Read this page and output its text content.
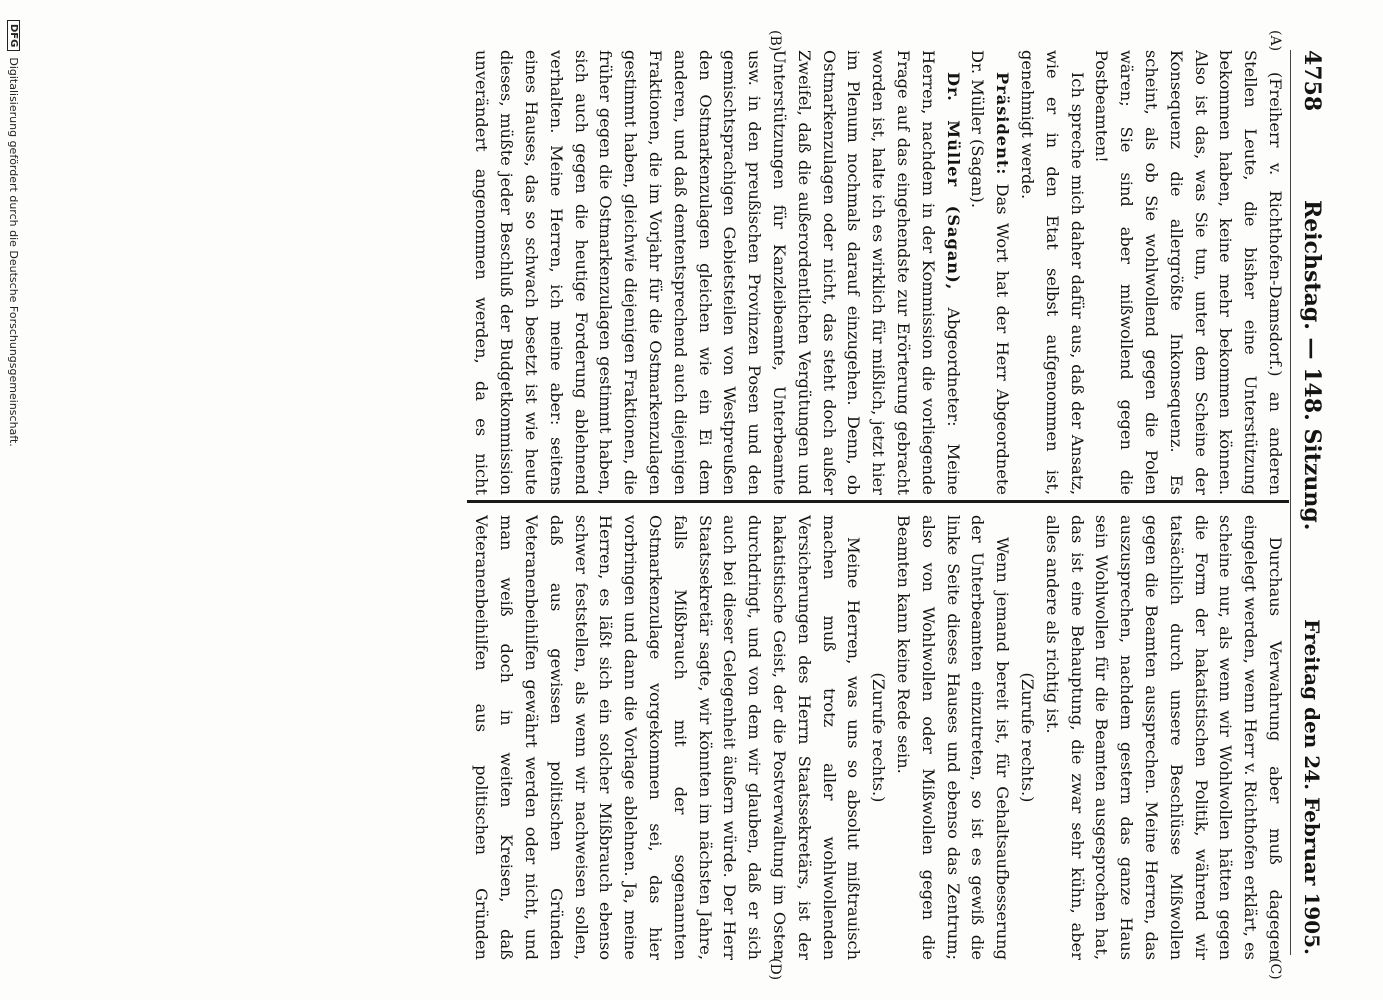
4758
Reichstag. — 148. Sitzung.
Freitag den 24. Februar 1905.
(A)
(B)
(C)
(D)

(Freiherr v. Richthofen-Damsdorf.) an anderen Stellen Leute, die bisher eine Unterstützung bekommen haben, keine mehr bekommen können. Also ist das, was Sie tun, unter dem Scheine der Konsequenz die allergrößte Inkonsequenz. Es scheint, als ob Sie wohlwollend gegen die Polen wären; Sie sind aber mißwollend gegen die Postbeamten!

Ich spreche mich daher dafür aus, daß der Ansatz, wie er in den Etat selbst aufgenommen ist, genehmigt werde.

Präsident: Das Wort hat der Herr Abgeordnete Dr. Müller (Sagan).

Dr. Müller (Sagan), Abgeordneter: Meine Herren, nachdem in der Kommission die vorliegende Frage auf das eingehendste zur Erörterung gebracht worden ist, halte ich es wirklich für mißlich, jetzt hier im Plenum nochmals darauf einzugehen. Denn, ob Ostmarkenzulagen oder nicht, das steht doch außer Zweifel, daß die außerordentlichen Vergütungen und Unterstützungen für Kanzleibeamte, Unterbeamte usw. in den preußischen Provinzen Posen und den gemischtsprachigen Gebietsteilen von Westpreußen den Ostmarkenzulagen gleichen wie ein Ei dem anderen, und daß demtentsprechend auch diejenigen Fraktionen, die im Vorjahr für die Ostmarkenzulagen gestimmt haben, gleichwie diejenigen Fraktionen, die früher gegen die Ostmarkenzulagen gestimmt haben, sich auch gegen die heutige Forderung ablehnend verhalten. Meine Herren, ich meine aber: seitens eines Hauses, das so schwach besetzt ist wie heute dieses, müßte jeder Beschluß der Budgetkommission unverändert angenommen werden, da es nicht

Durchaus Verwahrung aber muß dagegen eingelegt werden, wenn Herr v. Richthofen erklärt, es scheine nur, als wenn wir Wohlwollen hätten gegen die Form der hakatistischen Politik, während wir tatsächlich durch unsere Beschlüsse Mißwollen gegen die Beamten aussprechen. Meine Herren, das auszusprechen, nachdem gestern das ganze Haus sein Wohlwollen für die Beamten ausgesprochen hat, das ist eine Behauptung, die zwar sehr kühn, aber alles andere als richtig ist.

(Zurufe rechts.)

Wenn jemand bereit ist, für Gehaltsaufbesserung der Unterbeamten einzutreten, so ist es gewiß die linke Seite dieses Hauses und ebenso das Zentrum; also von Wohlwollen oder Mißwollen gegen die Beamten kann keine Rede sein.

(Zurufe rechts.)

Meine Herren, was uns so absolut mißtrauisch machen muß trotz aller wohlwollenden Versicherungen des Herrn Staatssekretärs, ist der hakatistische Geist, der die Postverwaltung im Osten durchdringt, und von dem wir glauben, daß er sich auch bei dieser Gelegenheit äußern würde. Der Herr Staatssekretär sagte, wir könnten im nächsten Jahre, falls Mißbrauch mit der sogenannten Ostmarkenzulage vorgekommen sei, das hier vorbringen und dann die Vorlage ablehnen. Ja, meine Herren, es läßt sich ein solcher Mißbrauch ebenso schwer feststellen, als wenn wir nachweisen sollen, daß aus gewissen politischen Gründen Veteranenbeihilfen gewährt werden oder nicht, und man weiß doch in weiten Kreisen, daß Veteranenbeihilfen aus politischen Gründen

DFG
Digitalisierung gefördert durch die Deutsche Forschungsgemeinschaft.
